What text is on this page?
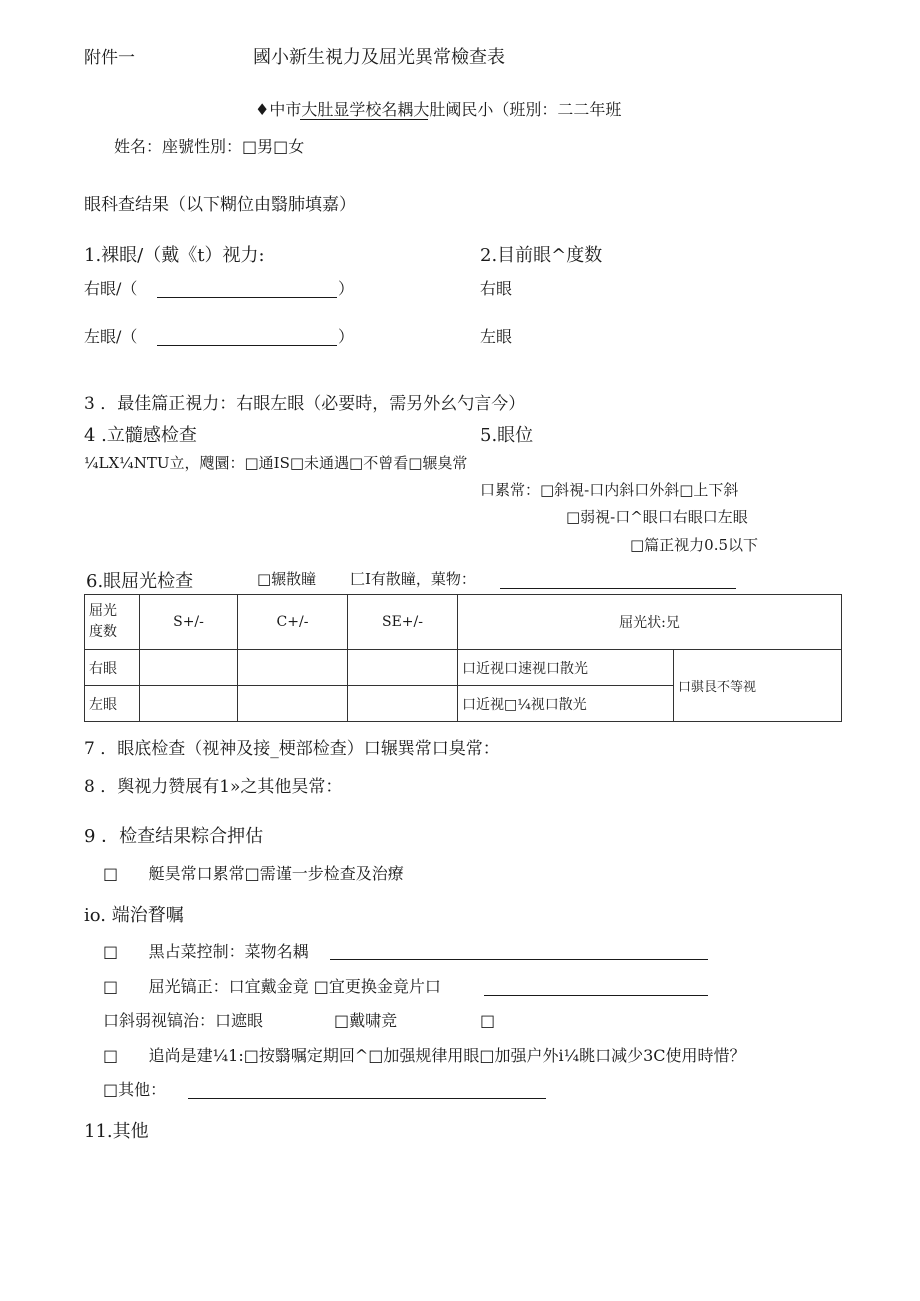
附件一	國小新生視力及屈光異常檢查表
♦中市大肚显学校名耦大肚阈民小（班別：二二年班
姓名：座號性別：□男□女
眼科查结果（以下糊位由翳肺填嘉）
1.裸眼/（戴《t）视力:
右眼/（	）
左眼/（	）
2.目前眼^度数
右眼
左眼
3 ．最佳篇正視力：右眼左眼（必要時，需另外幺勺言今）
4 .立髓感检查
¼LX¼NTU立，飕圜：□通IS□未通遇□不曾看□辗臭常
5.眼位
口累常：□斜視-口内斜口外斜□上下斜
□弱視-口^眼口右眼口左眼
□篇正视力0.5以下
6.眼屈光检查	□辗散瞳 匚I有散瞳，菓物：
屈光
度数	S+/-	C+/-	SE+/-	屈光状:兄	
右眼				口近视口速视口散光	口骐艮不等视
左眼				口近视□¼视口散光	
7 ．眼底检查（视神及接_梗部检查）口辗巽常口臭常：
8 ．舆视力赞展有1»之其他昊常：
9 ．检查结果粽合押估
□      艇昊常口累常□需谨一步检查及治療
io. 端治瞀嘱
□      黒占菜控制：菜物名耦
□      屈光镐正：口宜戴金竟 □宜更换金竟片口
口斜弱视镐治：口遮眼	□戴啸竞	□
□      追尚是建¼1:□按翳嘱定期回^□加强规律用眼□加强户外i¼眺口减少3C使用時惜？
□其他：
11.其他
